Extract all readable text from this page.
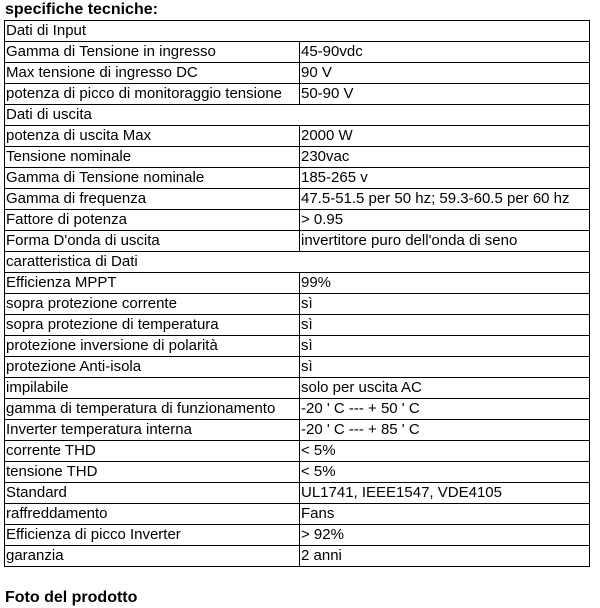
specifiche tecniche:
Dati di Input	
Gamma di Tensione in ingresso	45-90vdc
Max tensione di ingresso DC	90 V
potenza di picco di monitoraggio tensione	50-90 V
Dati di uscita	
potenza di uscita Max	2000 W
Tensione nominale	230vac
Gamma di Tensione nominale	185-265 v
Gamma di frequenza	47.5-51.5 per 50 hz; 59.3-60.5 per 60 hz
Fattore di potenza	> 0.95
Forma D'onda di uscita	invertitore puro dell'onda di seno
caratteristica di Dati	
Efficienza MPPT	99%
sopra protezione corrente	sì
sopra protezione di temperatura	sì
protezione inversione di polarità	sì
protezione Anti-isola	sì
impilabile	solo per uscita AC
gamma di temperatura di funzionamento	-20 ' C --- + 50 ' C
Inverter temperatura interna	-20 ' C --- + 85 ' C
corrente THD	< 5%
tensione THD	< 5%
Standard	UL1741, IEEE1547, VDE4105
raffreddamento	Fans
Efficienza di picco Inverter	> 92%
garanzia	2 anni
Foto del prodotto
